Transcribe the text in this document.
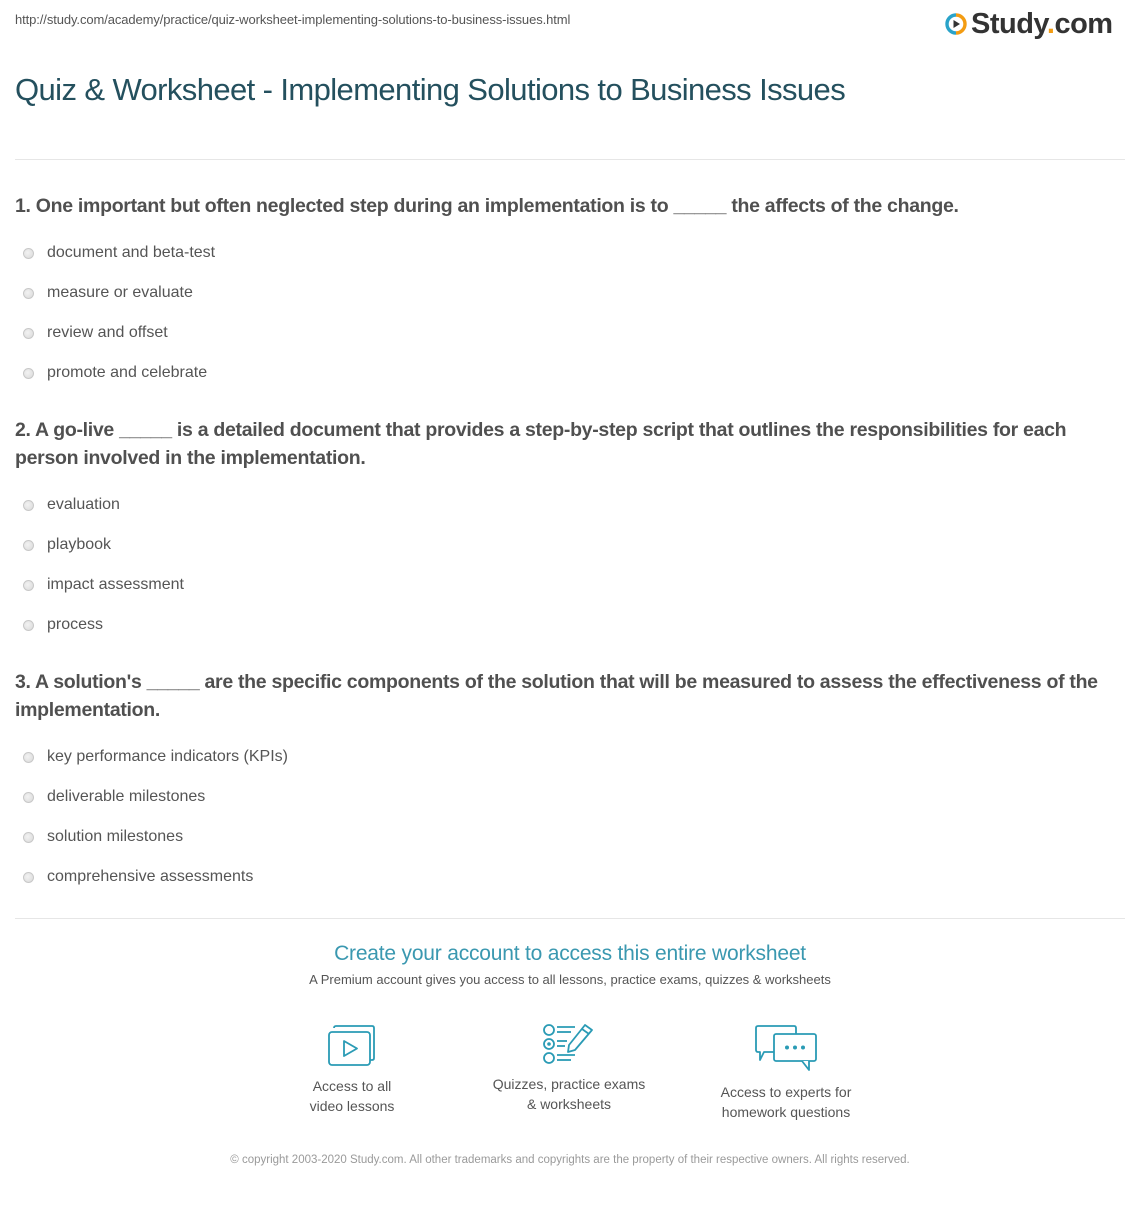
http://study.com/academy/practice/quiz-worksheet-implementing-solutions-to-business-issues.html	Study.com
Quiz & Worksheet - Implementing Solutions to Business Issues
1. One important but often neglected step during an implementation is to _____ the affects of the change.
document and beta-test
measure or evaluate
review and offset
promote and celebrate
2. A go-live _____ is a detailed document that provides a step-by-step script that outlines the responsibilities for each person involved in the implementation.
evaluation
playbook
impact assessment
process
3. A solution's _____ are the specific components of the solution that will be measured to assess the effectiveness of the implementation.
key performance indicators (KPIs)
deliverable milestones
solution milestones
comprehensive assessments
Create your account to access this entire worksheet
A Premium account gives you access to all lessons, practice exams, quizzes & worksheets
Access to all
video lessons
Quizzes, practice exams
& worksheets
Access to experts for
homework questions
© copyright 2003-2020 Study.com. All other trademarks and copyrights are the property of their respective owners. All rights reserved.
